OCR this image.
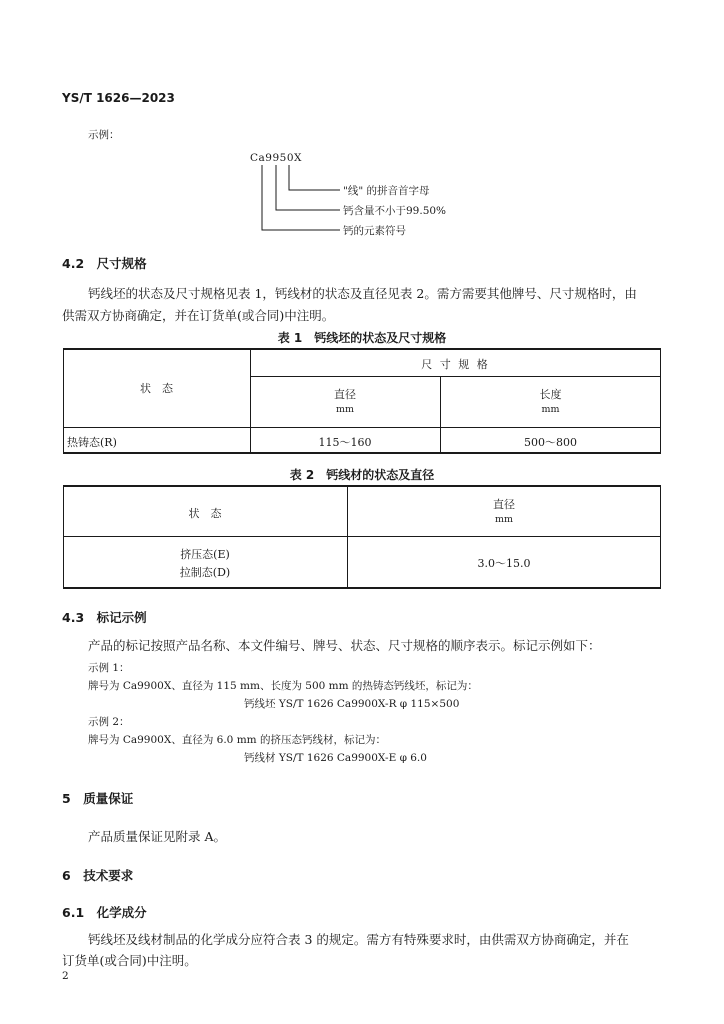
YS/T 1626—2023
示例：
Ca9950X
"线" 的拼音首字母
钙含量不小于99.50%
钙的元素符号
4.2　尺寸规格
钙线坯的状态及尺寸规格见表 1，钙线材的状态及直径见表 2。需方需要其他牌号、尺寸规格时，由
供需双方协商确定，并在订货单(或合同)中注明。
表 1　钙线坯的状态及尺寸规格
状　态
尺 寸 规 格
直径
mm
长度
mm
热铸态(R)	115～160	500～800
表 2　钙线材的状态及直径
状　态
直径
mm
挤压态(E)
拉制态(D)
3.0～15.0
4.3　标记示例
产品的标记按照产品名称、本文件编号、牌号、状态、尺寸规格的顺序表示。标记示例如下：
示例 1：
牌号为 Ca9900X、直径为 115 mm、长度为 500 mm 的热铸态钙线坯，标记为：
钙线坯 YS/T 1626 Ca9900X-R φ 115×500
示例 2：
牌号为 Ca9900X、直径为 6.0 mm 的挤压态钙线材，标记为：
钙线材 YS/T 1626 Ca9900X-E φ 6.0
5　质量保证
产品质量保证见附录 A。
6　技术要求
6.1　化学成分
钙线坯及线材制品的化学成分应符合表 3 的规定。需方有特殊要求时，由供需双方协商确定，并在
订货单(或合同)中注明。
2
